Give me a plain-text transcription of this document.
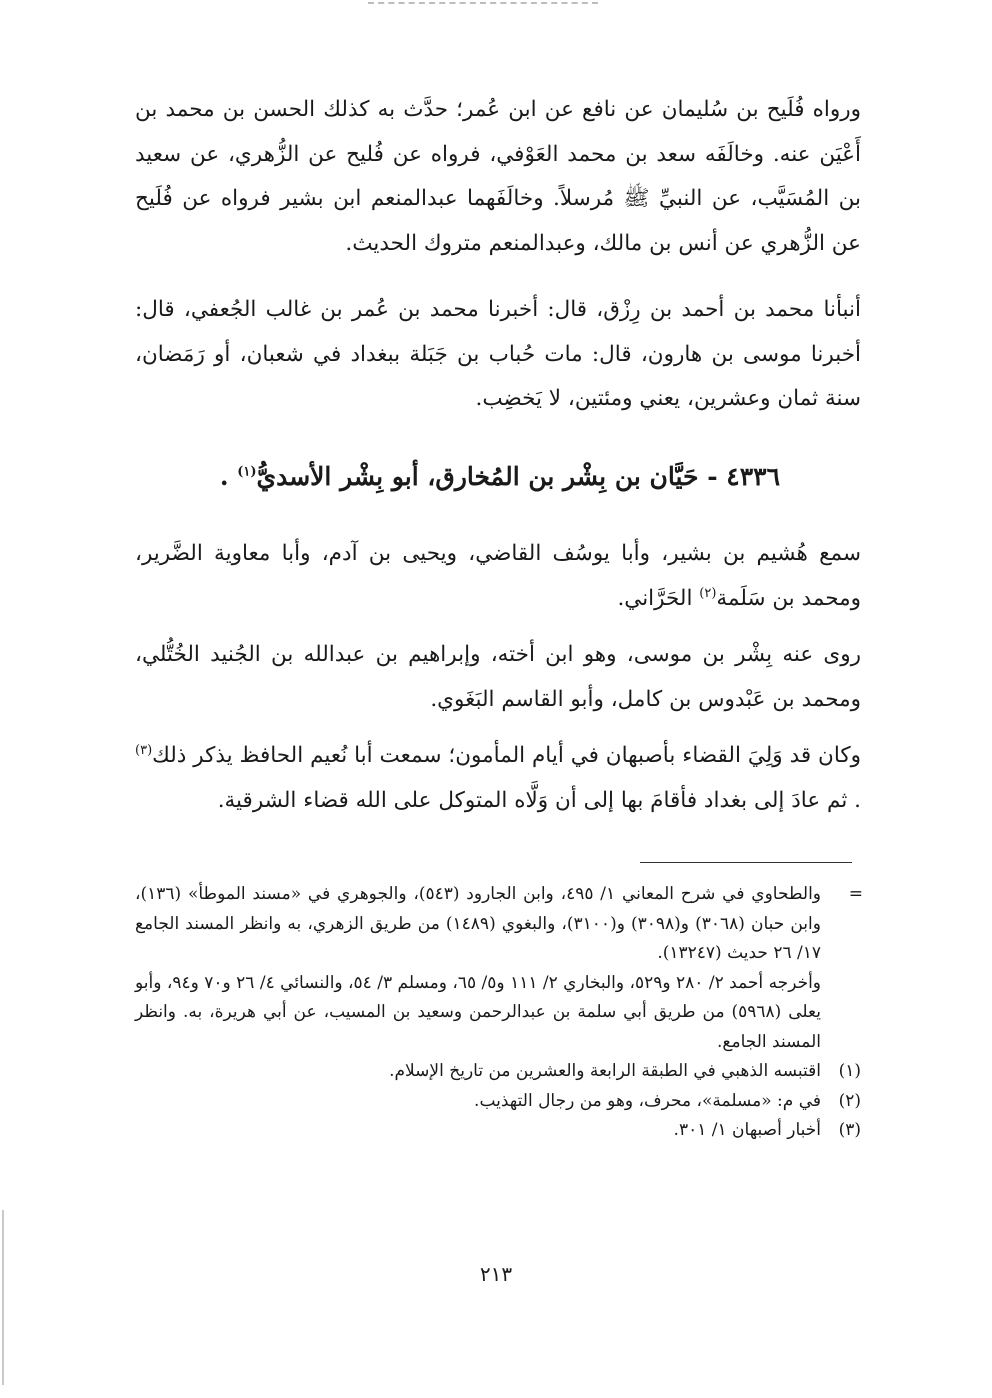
ورواه فُلَيح بن سُليمان عن نافع عن ابن عُمر؛ حدَّث به كذلك الحسن بن محمد بن أَعْيَن عنه. وخالَفَه سعد بن محمد العَوْفي، فرواه عن فُليح عن الزُّهري، عن سعيد بن المُسَيَّب، عن النبيِّ ﷺ مُرسلاً. وخالَفَهما عبدالمنعم ابن بشير فرواه عن فُلَيح عن الزُّهري عن أنس بن مالك، وعبدالمنعم متروك الحديث.

أنبأنا محمد بن أحمد بن رِزْق، قال: أخبرنا محمد بن عُمر بن غالب الجُعفي، قال: أخبرنا موسى بن هارون، قال: مات حُباب بن جَبَلة ببغداد في شعبان، أو رَمَضان، سنة ثمان وعشرين، يعني ومئتين، لا يَخضِب.

٤٣٣٦ - حَيَّان بن بِشْر بن المُخارق، أبو بِشْر الأسديُّ$^{(١)}$ .

سمع هُشيم بن بشير، وأبا يوسُف القاضي، ويحيى بن آدم، وأبا معاوية الضَّرير، ومحمد بن سَلَمة$^{(٢)}$ الحَرَّاني.

روى عنه بِشْر بن موسى، وهو ابن أخته، وإبراهيم بن عبدالله بن الجُنيد الخُتُّلي، ومحمد بن عَبْدوس بن كامل، وأبو القاسم البَغَوي.

وكان قد وَلِيَ القضاء بأصبهان في أيام المأمون؛ سمعت أبا نُعيم الحافظ يذكر ذلك$^{(٣)}$ . ثم عادَ إلى بغداد فأقامَ بها إلى أن وَلَّاه المتوكل على الله قضاء الشرقية.

=
والطحاوي في شرح المعاني ١/ ٤٩٥، وابن الجارود (٥٤٣)، والجوهري في «مسند الموطأ» (١٣٦)، وابن حبان (٣٠٦٨) و(٣٠٩٨) و(٣١٠٠)، والبغوي (١٤٨٩) من طريق الزهري، به وانظر المسند الجامع ١٧/ ٢٦ حديث (١٣٢٤٧).

وأخرجه أحمد ٢/ ٢٨٠ و٥٢٩، والبخاري ٢/ ١١١ و٥/ ٦٥، ومسلم ٣/ ٥٤، والنسائي ٤/ ٢٦ و٧٠ و٩٤، وأبو يعلى (٥٩٦٨) من طريق أبي سلمة بن عبدالرحمن وسعيد بن المسيب، عن أبي هريرة، به. وانظر المسند الجامع.

(١)
اقتبسه الذهبي في الطبقة الرابعة والعشرين من تاريخ الإسلام.
(٢)
في م: «مسلمة»، محرف، وهو من رجال التهذيب.
(٣)
أخبار أصبهان ١/ ٣٠١.
٢١٣
